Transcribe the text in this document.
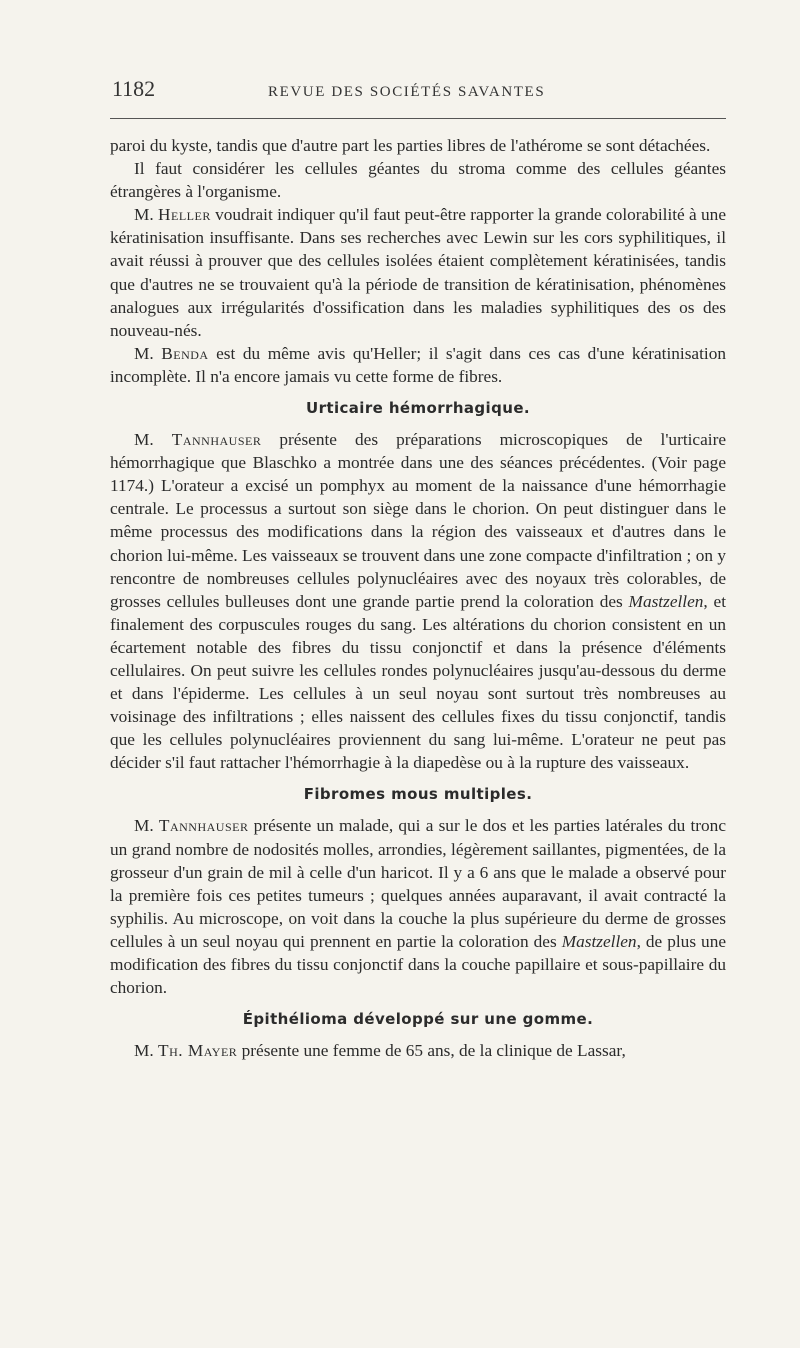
1182	REVUE DES SOCIÉTÉS SAVANTES

paroi du kyste, tandis que d'autre part les parties libres de l'athérome se sont détachées.

Il faut considérer les cellules géantes du stroma comme des cellules géantes étrangères à l'organisme.

M. Heller voudrait indiquer qu'il faut peut-être rapporter la grande colorabilité à une kératinisation insuffisante. Dans ses recherches avec Lewin sur les cors syphilitiques, il avait réussi à prouver que des cellules isolées étaient complètement kératinisées, tandis que d'autres ne se trouvaient qu'à la période de transition de kératinisation, phénomènes analogues aux irrégularités d'ossification dans les maladies syphilitiques des os des nouveau-nés.

M. Benda est du même avis qu'Heller; il s'agit dans ces cas d'une kératinisation incomplète. Il n'a encore jamais vu cette forme de fibres.

Urticaire hémorrhagique.

M. Tannhauser présente des préparations microscopiques de l'urticaire hémorrhagique que Blaschko a montrée dans une des séances précédentes. (Voir page 1174.) L'orateur a excisé un pomphyx au moment de la naissance d'une hémorrhagie centrale. Le processus a surtout son siège dans le chorion. On peut distinguer dans le même processus des modifications dans la région des vaisseaux et d'autres dans le chorion lui-même. Les vaisseaux se trouvent dans une zone compacte d'infiltration ; on y rencontre de nombreuses cellules polynucléaires avec des noyaux très colorables, de grosses cellules bulleuses dont une grande partie prend la coloration des Mastzellen, et finalement des corpuscules rouges du sang. Les altérations du chorion consistent en un écartement notable des fibres du tissu conjonctif et dans la présence d'éléments cellulaires. On peut suivre les cellules rondes polynucléaires jusqu'au-dessous du derme et dans l'épiderme. Les cellules à un seul noyau sont surtout très nombreuses au voisinage des infiltrations ; elles naissent des cellules fixes du tissu conjonctif, tandis que les cellules polynucléaires proviennent du sang lui-même. L'orateur ne peut pas décider s'il faut rattacher l'hémorrhagie à la diapedèse ou à la rupture des vaisseaux.

Fibromes mous multiples.

M. Tannhauser présente un malade, qui a sur le dos et les parties latérales du tronc un grand nombre de nodosités molles, arrondies, légèrement saillantes, pigmentées, de la grosseur d'un grain de mil à celle d'un haricot. Il y a 6 ans que le malade a observé pour la première fois ces petites tumeurs ; quelques années auparavant, il avait contracté la syphilis. Au microscope, on voit dans la couche la plus supérieure du derme de grosses cellules à un seul noyau qui prennent en partie la coloration des Mastzellen, de plus une modification des fibres du tissu conjonctif dans la couche papillaire et sous-papillaire du chorion.

Épithélioma développé sur une gomme.

M. Th. Mayer présente une femme de 65 ans, de la clinique de Lassar,
